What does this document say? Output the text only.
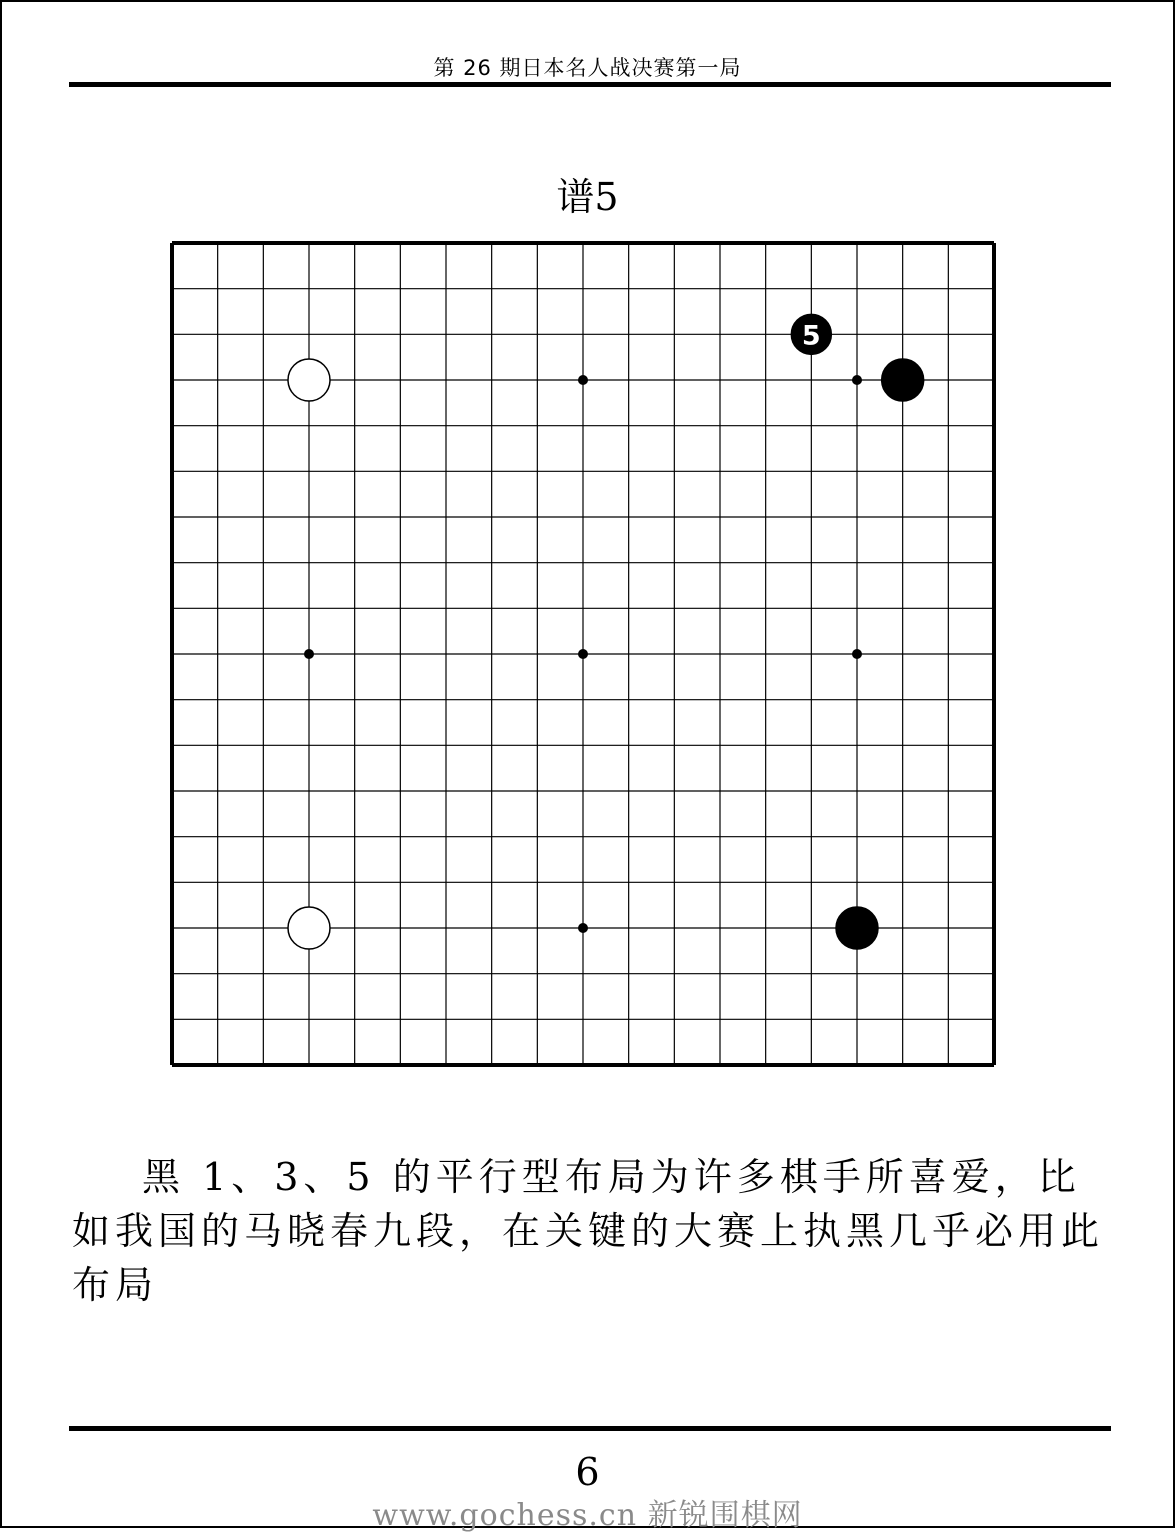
第 26 期日本名人战决赛第一局
谱5
5
黑 1、3、5 的平行型布局为许多棋手所喜爱，比如我国的马晓春九段，在关键的大赛上执黑几乎必用此布局
6
www.gochess.cn 新锐围棋网
